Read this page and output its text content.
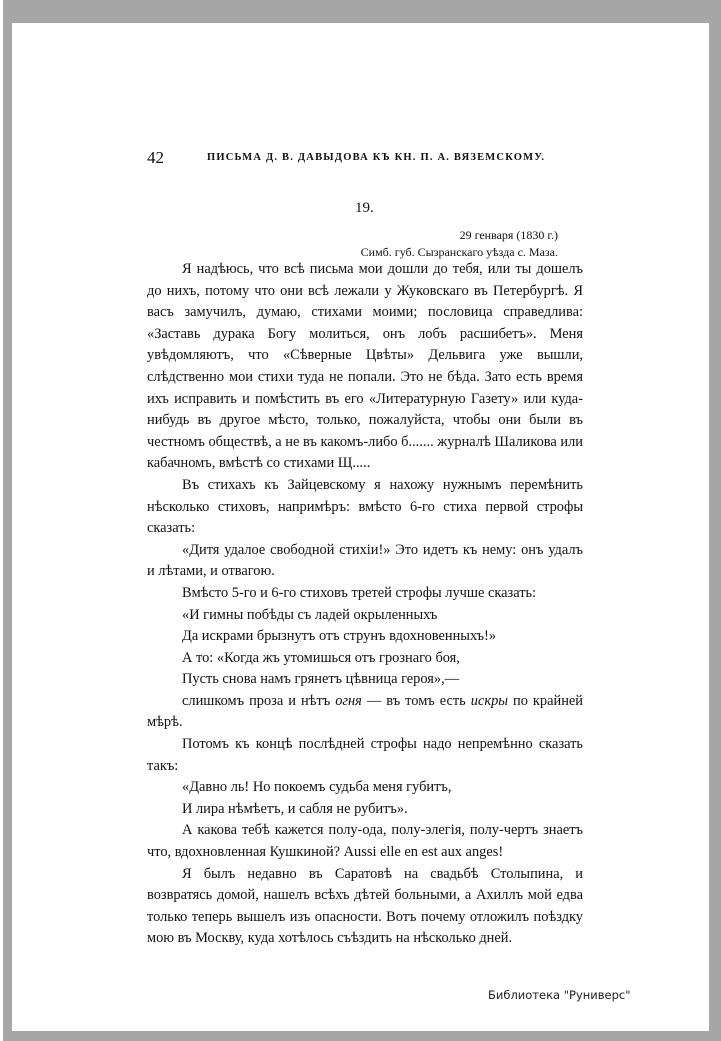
42	ПИСЬМА Д. В. ДАВЫДОВА КЪ КН. П. А. ВЯЗЕМСКОМУ.
19.
29 генваря (1830 г.)
Симб. губ. Сызранскаго уѣзда с. Маза.

Я надѣюсь, что всѣ письма мои дошли до тебя, или ты дошелъ до нихъ, потому что они всѣ лежали у Жуковскаго въ Петербургѣ. Я васъ замучилъ, думаю, стихами моими; пословица справедлива: «Заставь дурака Богу молиться, онъ лобъ расшибетъ». Меня увѣдомляютъ, что «Сѣверные Цвѣты» Дельвига уже вышли, слѣдственно мои стихи туда не попали. Это не бѣда. Зато есть время ихъ исправить и помѣстить въ его «Литературную Газету» или куда-нибудь въ другое мѣсто, только, пожалуйста, чтобы они были въ честномъ обществѣ, а не въ какомъ-либо б....... журналѣ Шаликова или кабачномъ, вмѣстѣ со стихами Щ.....

Въ стихахъ къ Зайцевскому я нахожу нужнымъ перемѣнить нѣсколько стиховъ, напримѣръ: вмѣсто 6-го стиха первой строфы сказать:

«Дитя удалое свободной стихіи!» Это идетъ къ нему: онъ удалъ и лѣтами, и отвагою.

Вмѣсто 5-го и 6-го стиховъ третей строфы лучше сказать:

«И гимны побѣды съ ладей окрыленныхъ

Да искрами брызнутъ отъ струнъ вдохновенныхъ!»

А то: «Когда жъ утомишься отъ грознаго боя,

Пусть снова намъ грянетъ цѣвница героя»,—

слишкомъ проза и нѣтъ огня — въ томъ есть искры по крайней мѣрѣ.

Потомъ къ концѣ послѣдней строфы надо непремѣнно сказать такъ:

«Давно ль! Но покоемъ судьба меня губитъ,

И лира нѣмѣетъ, и сабля не рубитъ».

А какова тебѣ кажется полу-ода, полу-элегія, полу-чертъ знаетъ что, вдохновленная Кушкиной? Aussi elle en est aux anges!

Я былъ недавно въ Саратовѣ на свадьбѣ Столыпина, и возвратясь домой, нашелъ всѣхъ дѣтей больными, а Ахиллъ мой едва только теперь вышелъ изъ опасности. Вотъ почему отложилъ поѣздку мою въ Москву, куда хотѣлось съѣздить на нѣсколько дней.

Библиотека "Руниверс"
